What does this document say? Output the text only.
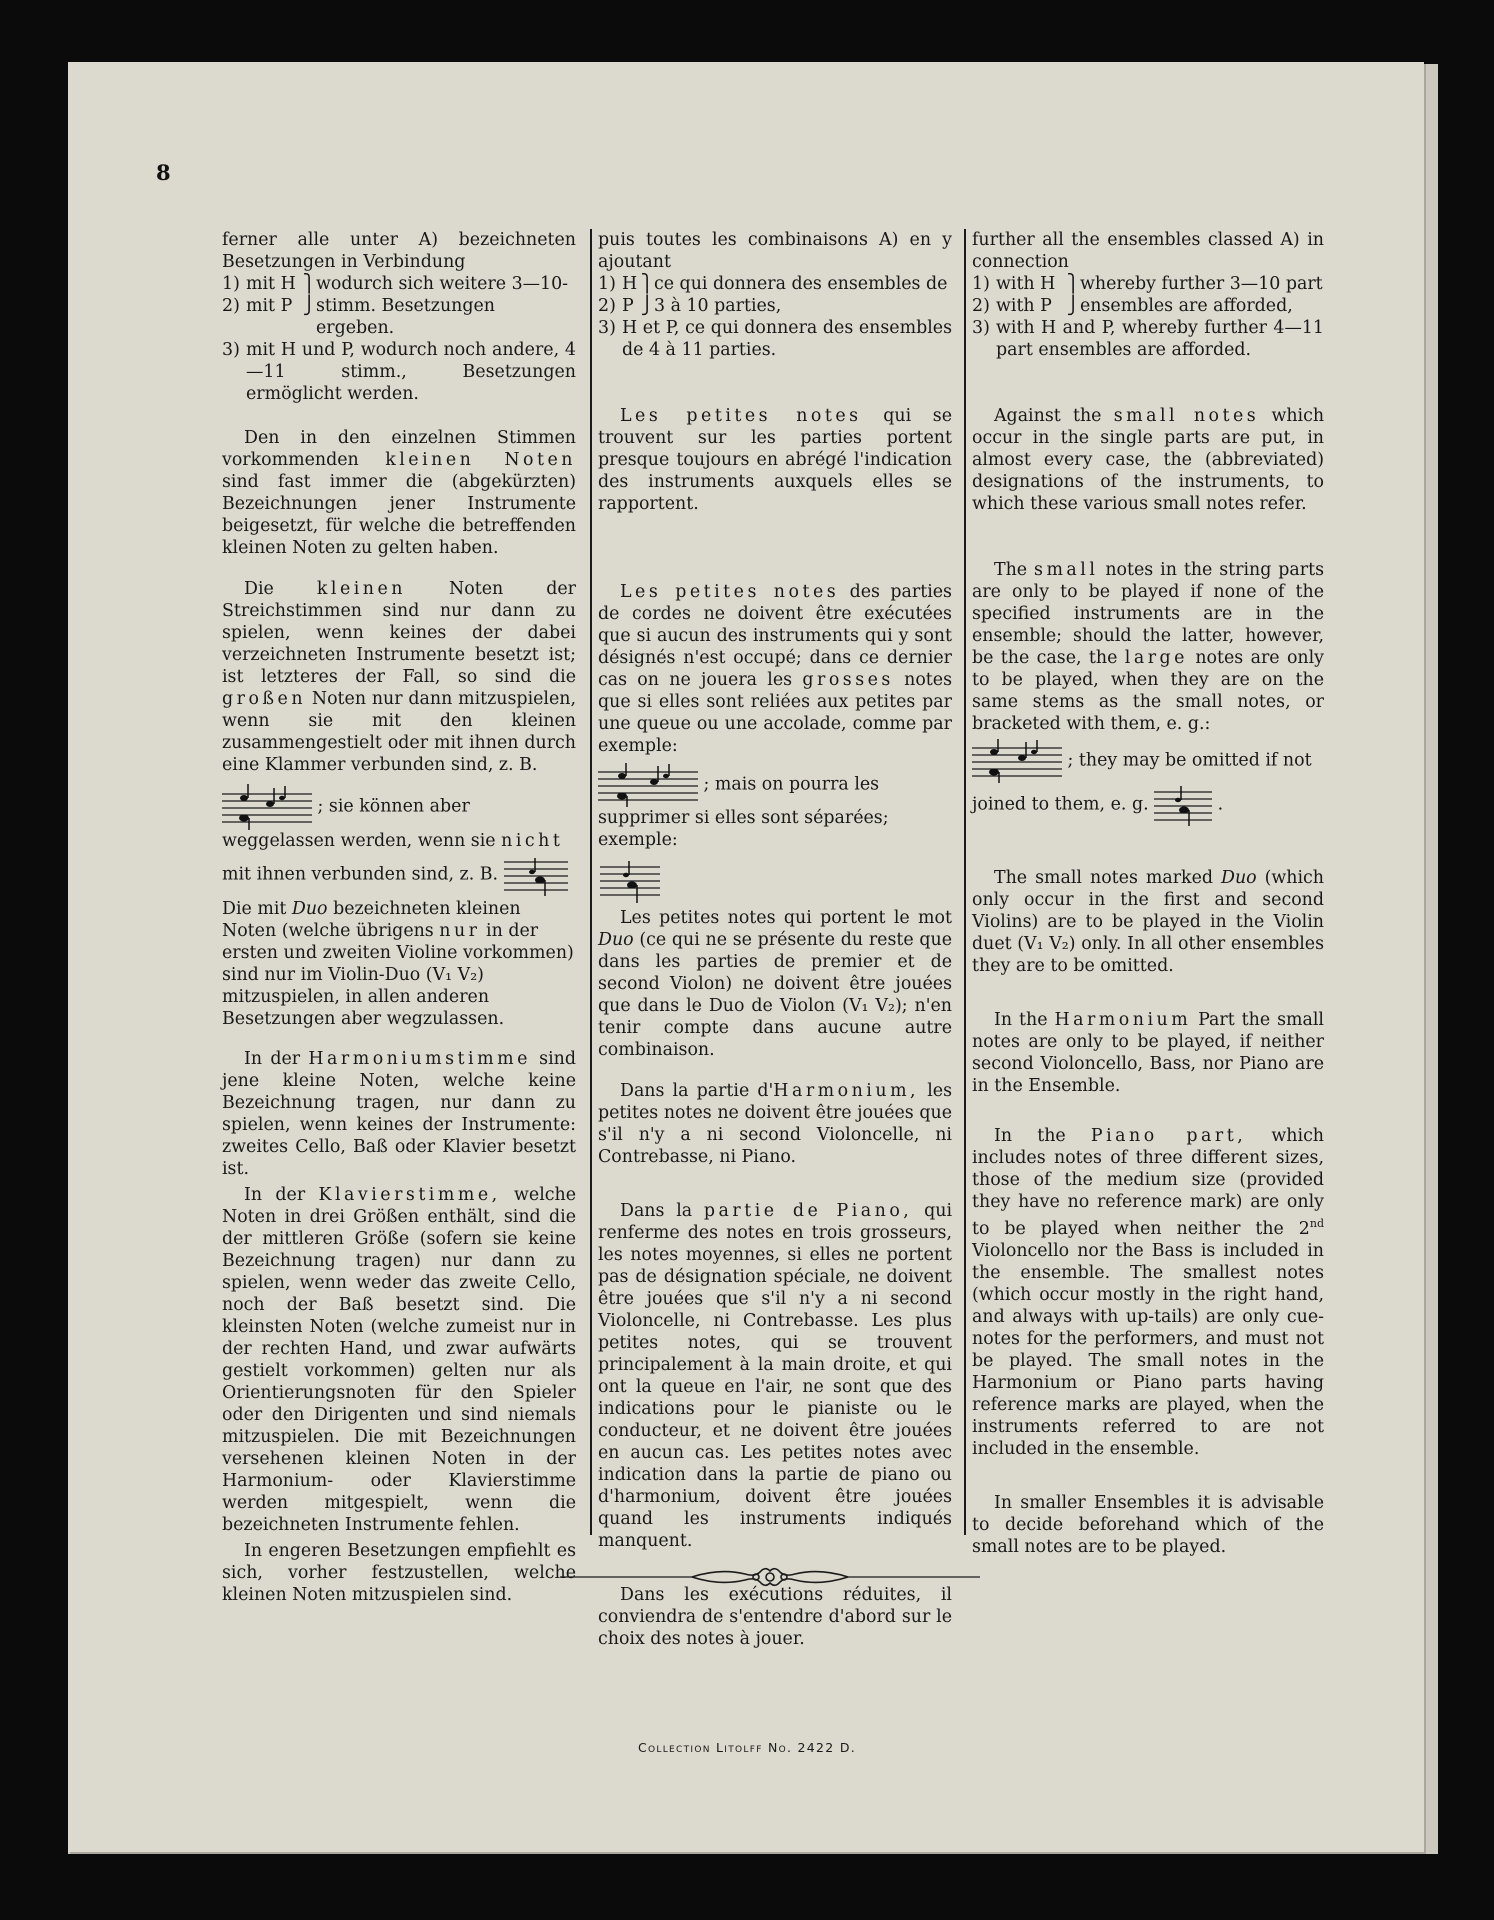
8
ferner alle unter A) bezeichneten Besetzungen in Verbindung
1) mit H ⎫ wodurch sich weitere 3—10-
2) mit P ⎭ stimm. Besetzungen ergeben.
3) mit H und P, wodurch noch andere, 4—11 stimm., Besetzungen ermöglicht werden.

Den in den einzelnen Stimmen vorkommenden kleinen Noten sind fast immer die (abgekürzten) Bezeichnungen jener Instrumente beigesetzt, für welche die betreffenden kleinen Noten zu gelten haben.

Die kleinen Noten der Streichstimmen sind nur dann zu spielen, wenn keines der dabei verzeichneten Instrumente besetzt ist; ist letzteres der Fall, so sind die großen Noten nur dann mitzuspielen, wenn sie mit den kleinen zusammengestielt oder mit ihnen durch eine Klammer verbunden sind, z. B.

; sie können aber weggelassen werden, wenn sie nicht mit ihnen verbunden sind, z. B.  Die mit Duo bezeichneten kleinen Noten (welche übrigens nur in der ersten und zweiten Violine vorkommen) sind nur im Violin-Duo (V₁ V₂) mitzuspielen, in allen anderen Besetzungen aber wegzulassen.

In der Harmoniumstimme sind jene kleine Noten, welche keine Bezeichnung tragen, nur dann zu spielen, wenn keines der Instrumente: zweites Cello, Baß oder Klavier besetzt ist.

In der Klavierstimme, welche Noten in drei Größen enthält, sind die der mittleren Größe (sofern sie keine Bezeichnung tragen) nur dann zu spielen, wenn weder das zweite Cello, noch der Baß besetzt sind. Die kleinsten Noten (welche zumeist nur in der rechten Hand, und zwar aufwärts gestielt vorkommen) gelten nur als Orientierungsnoten für den Spieler oder den Dirigenten und sind niemals mitzuspielen. Die mit Bezeichnungen versehenen kleinen Noten in der Harmonium- oder Klavierstimme werden mitgespielt, wenn die bezeichneten Instrumente fehlen.

In engeren Besetzungen empfiehlt es sich, vorher festzustellen, welche kleinen Noten mitzuspielen sind.

puis toutes les combinaisons A) en y ajoutant
1) H ⎫ ce qui donnera des ensembles de
2) P ⎭ 3 à 10 parties,
3) H et P, ce qui donnera des ensembles de 4 à 11 parties.

Les petites notes qui se trouvent sur les parties portent presque toujours en abrégé l'indication des instruments auxquels elles se rapportent.

Les petites notes des parties de cordes ne doivent être exécutées que si aucun des instruments qui y sont désignés n'est occupé; dans ce dernier cas on ne jouera les grosses notes que si elles sont reliées aux petites par une queue ou une accolade, comme par exemple:

; mais on pourra les supprimer si elles sont séparées; exemple:

Les petites notes qui portent le mot Duo (ce qui ne se présente du reste que dans les parties de premier et de second Violon) ne doivent être jouées que dans le Duo de Violon (V₁ V₂); n'en tenir compte dans aucune autre combinaison.

Dans la partie d'Harmonium, les petites notes ne doivent être jouées que s'il n'y a ni second Violoncelle, ni Contrebasse, ni Piano.

Dans la partie de Piano, qui renferme des notes en trois grosseurs, les notes moyennes, si elles ne portent pas de désignation spéciale, ne doivent être jouées que s'il n'y a ni second Violoncelle, ni Contrebasse. Les plus petites notes, qui se trouvent principalement à la main droite, et qui ont la queue en l'air, ne sont que des indications pour le pianiste ou le conducteur, et ne doivent être jouées en aucun cas. Les petites notes avec indication dans la partie de piano ou d'harmonium, doivent être jouées quand les instruments indiqués manquent.

Dans les exécutions réduites, il conviendra de s'entendre d'abord sur le choix des notes à jouer.

further all the ensembles classed A) in connection
1) with H ⎫ whereby further 3—10 part
2) with P ⎭ ensembles are afforded,
3) with H and P, whereby further 4—11 part ensembles are afforded.

Against the small notes which occur in the single parts are put, in almost every case, the (abbreviated) designations of the instruments, to which these various small notes refer.

The small notes in the string parts are only to be played if none of the specified instruments are in the ensemble; should the latter, however, be the case, the large notes are only to be played, when they are on the same stems as the small notes, or bracketed with them, e. g.:

; they may be omitted if not joined to them, e. g.	.

The small notes marked Duo (which only occur in the first and second Violins) are to be played in the Violin duet (V₁ V₂) only. In all other ensembles they are to be omitted.

In the Harmonium Part the small notes are only to be played, if neither second Violoncello, Bass, nor Piano are in the Ensemble.

In the Piano part, which includes notes of three different sizes, those of the medium size (provided they have no reference mark) are only to be played when neither the 2nd Violoncello nor the Bass is included in the ensemble. The smallest notes (which occur mostly in the right hand, and always with up-tails) are only cue-notes for the performers, and must not be played. The small notes in the Harmonium or Piano parts having reference marks are played, when the instruments referred to are not included in the ensemble.

In smaller Ensembles it is advisable to decide beforehand which of the small notes are to be played.

Collection Litolff No. 2422 D.
